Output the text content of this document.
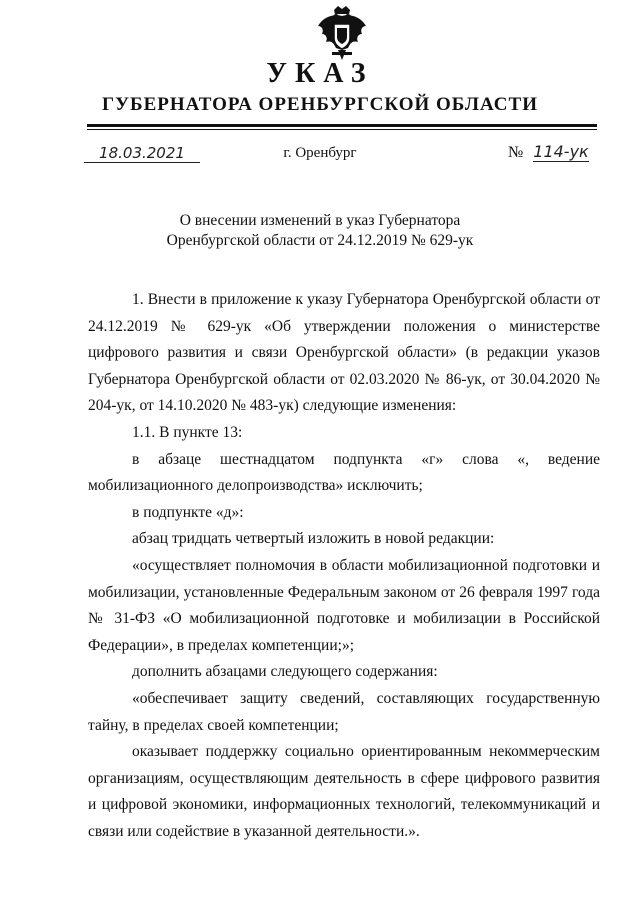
УКАЗ
ГУБЕРНАТОРА ОРЕНБУРГСКОЙ ОБЛАСТИ
18.03.2021	г. Оренбург	№ 114-ук
О внесении изменений в указ Губернатора
Оренбургской области от 24.12.2019 № 629-ук

1. Внести в приложение к указу Губернатора Оренбургской области от 24.12.2019 № 629-ук «Об утверждении положения о министерстве цифрового развития и связи Оренбургской области» (в редакции указов Губернатора Оренбургской области от 02.03.2020 № 86-ук, от 30.04.2020 № 204-ук, от 14.10.2020 № 483-ук) следующие изменения:

1.1. В пункте 13:

в абзаце шестнадцатом подпункта «г» слова «, ведение мобилизационного делопроизводства» исключить;

в подпункте «д»:

абзац тридцать четвертый изложить в новой редакции:

«осуществляет полномочия в области мобилизационной подготовки и мобилизации, установленные Федеральным законом от 26 февраля 1997 года № 31-ФЗ «О мобилизационной подготовке и мобилизации в Российской Федерации», в пределах компетенции;»;

дополнить абзацами следующего содержания:

«обеспечивает защиту сведений, составляющих государственную тайну, в пределах своей компетенции;

оказывает поддержку социально ориентированным некоммерческим организациям, осуществляющим деятельность в сфере цифрового развития и цифровой экономики, информационных технологий, телекоммуникаций и связи или содействие в указанной деятельности.».
